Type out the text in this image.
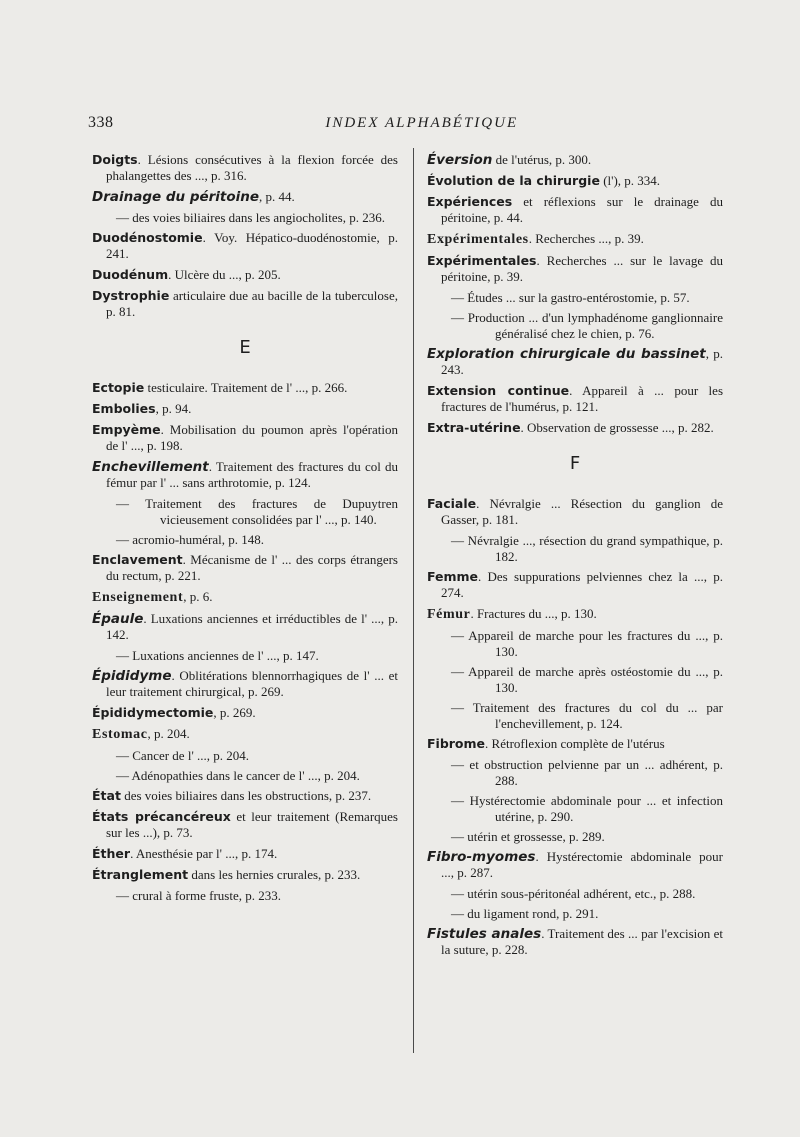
338	INDEX ALPHABÉTIQUE
Doigts. Lésions consécutives à la flexion forcée des phalangettes des ..., p. 316.
Drainage du péritoine, p. 44.
— des voies biliaires dans les angiocholites, p. 236.
Duodénostomie. Voy. Hépatico-duodénostomie, p. 241.
Duodénum. Ulcère du ..., p. 205.
Dystrophie articulaire due au bacille de la tuberculose, p. 81.
E
Ectopie testiculaire. Traitement de l' ..., p. 266.
Embolies, p. 94.
Empyème. Mobilisation du poumon après l'opération de l' ..., p. 198.
Enchevillement. Traitement des fractures du col du fémur par l' ... sans arthrotomie, p. 124.
— Traitement des fractures de Dupuytren vicieusement consolidées par l' ..., p. 140.
— acromio-huméral, p. 148.
Enclavement. Mécanisme de l' ... des corps étrangers du rectum, p. 221.
Enseignement, p. 6.
Épaule. Luxations anciennes et irréductibles de l' ..., p. 142.
— Luxations anciennes de l' ..., p. 147.
Épididyme. Oblitérations blennorrhagiques de l' ... et leur traitement chirurgical, p. 269.
Épididymectomie, p. 269.
Estomac, p. 204.
— Cancer de l' ..., p. 204.
— Adénopathies dans le cancer de l' ..., p. 204.
État des voies biliaires dans les obstructions, p. 237.
États précancéreux et leur traitement (Remarques sur les ...), p. 73.
Éther. Anesthésie par l' ..., p. 174.
Étranglement dans les hernies crurales, p. 233.
— crural à forme fruste, p. 233.
Éversion de l'utérus, p. 300.
Évolution de la chirurgie (l'), p. 334.
Expériences et réflexions sur le drainage du péritoine, p. 44.
Expérimentales. Recherches ..., p. 39.
Expérimentales. Recherches ... sur le lavage du péritoine, p. 39.
— Études ... sur la gastro-entérostomie, p. 57.
— Production ... d'un lymphadénome ganglionnaire généralisé chez le chien, p. 76.
Exploration chirurgicale du bassinet, p. 243.
Extension continue. Appareil à ... pour les fractures de l'humérus, p. 121.
Extra-utérine. Observation de grossesse ..., p. 282.
F
Faciale. Névralgie ... Résection du ganglion de Gasser, p. 181.
— Névralgie ..., résection du grand sympathique, p. 182.
Femme. Des suppurations pelviennes chez la ..., p. 274.
Fémur. Fractures du ..., p. 130.
— Appareil de marche pour les fractures du ..., p. 130.
— Appareil de marche après ostéostomie du ..., p. 130.
— Traitement des fractures du col du ... par l'enchevillement, p. 124.
Fibrome. Rétroflexion complète de l'utérus
— et obstruction pelvienne par un ... adhérent, p. 288.
— Hystérectomie abdominale pour ... et infection utérine, p. 290.
— utérin et grossesse, p. 289.
Fibro-myomes. Hystérectomie abdominale pour ..., p. 287.
— utérin sous-péritonéal adhérent, etc., p. 288.
— du ligament rond, p. 291.
Fistules anales. Traitement des ... par l'excision et la suture, p. 228.
